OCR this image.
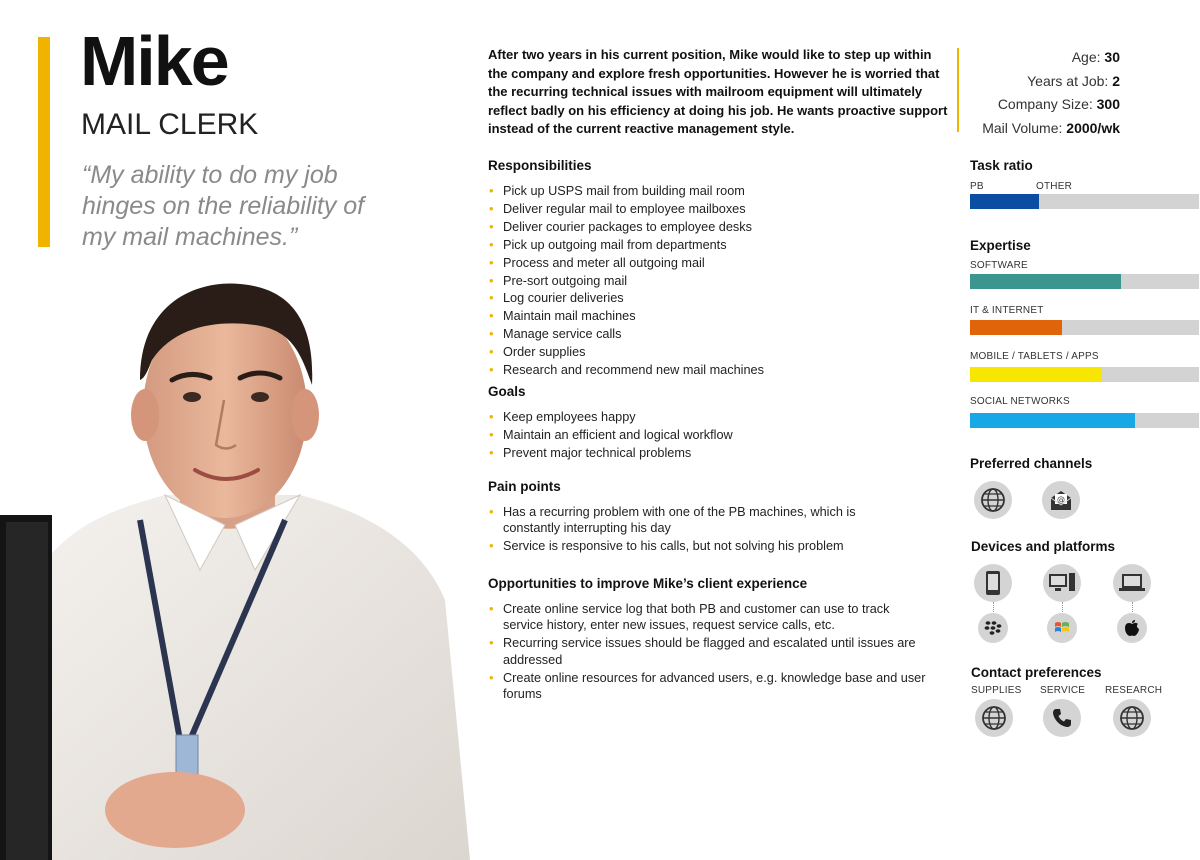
Mike
MAIL CLERK
“My ability to do my job hinges on the reliability of my mail machines.”
After two years in his current position, Mike would like to step up within the company and explore fresh opportunities. However he is worried that the recurring technical issues with mailroom equipment will ultimately reflect badly on his efficiency at doing his job. He wants proactive support instead of the current reactive management style.
Responsibilities
• Pick up USPS mail from building mail room
• Deliver regular mail to employee mailboxes
• Deliver courier packages to employee desks
• Pick up outgoing mail from departments
• Process and meter all outgoing mail
• Pre-sort outgoing mail
• Log courier deliveries
• Maintain mail machines
• Manage service calls
• Order supplies
• Research and recommend new mail machines
Goals
• Keep employees happy
• Maintain an efficient and logical workflow
• Prevent major technical problems
Pain points
• Has a recurring problem with one of the PB machines, which is constantly interrupting his day
• Service is responsive to his calls, but not solving his problem
Opportunities to improve Mike’s client experience
• Create online service log that both PB and customer can use to track service history, enter new issues, request service calls, etc.
• Recurring service issues should be flagged and escalated until issues are addressed
• Create online resources for advanced users, e.g. knowledge base and user forums
Age: 30
Years at Job: 2
Company Size: 300
Mail Volume: 2000/wk
Task ratio
PB	OTHER
Expertise
SOFTWARE
IT & INTERNET
MOBILE / TABLETS / APPS
SOCIAL NETWORKS
Preferred channels
@
Devices and platforms
Contact preferences
SUPPLIES SERVICE RESEARCH
